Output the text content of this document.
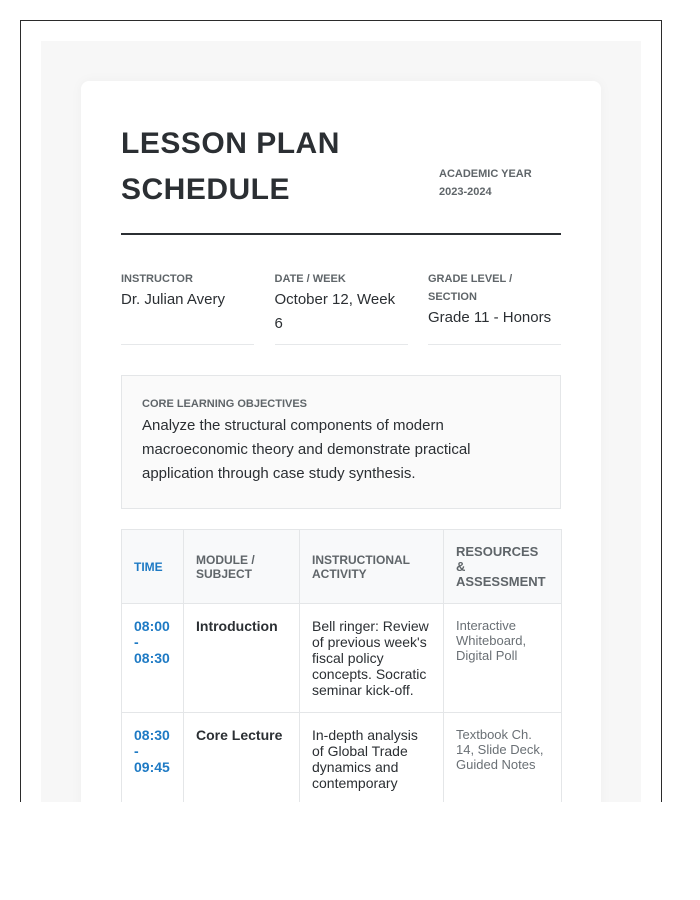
LESSON PLAN
SCHEDULE	ACADEMIC YEAR
2023-2024
INSTRUCTOR
Dr. Julian Avery
DATE / WEEK
October 12, Week 6
GRADE LEVEL / SECTION
Grade 11 - Honors
CORE LEARNING OBJECTIVES
Analyze the structural components of modern macroeconomic theory and demonstrate practical application through case study synthesis.
TIME	MODULE / SUBJECT	INSTRUCTIONAL ACTIVITY	RESOURCES & ASSESSMENT
08:00 - 08:30	Introduction	Bell ringer: Review of previous week's fiscal policy concepts. Socratic seminar kick-off.	Interactive Whiteboard, Digital Poll
08:30 - 09:45	Core Lecture	In-depth analysis of Global Trade dynamics and contemporary	Textbook Ch. 14, Slide Deck, Guided Notes
